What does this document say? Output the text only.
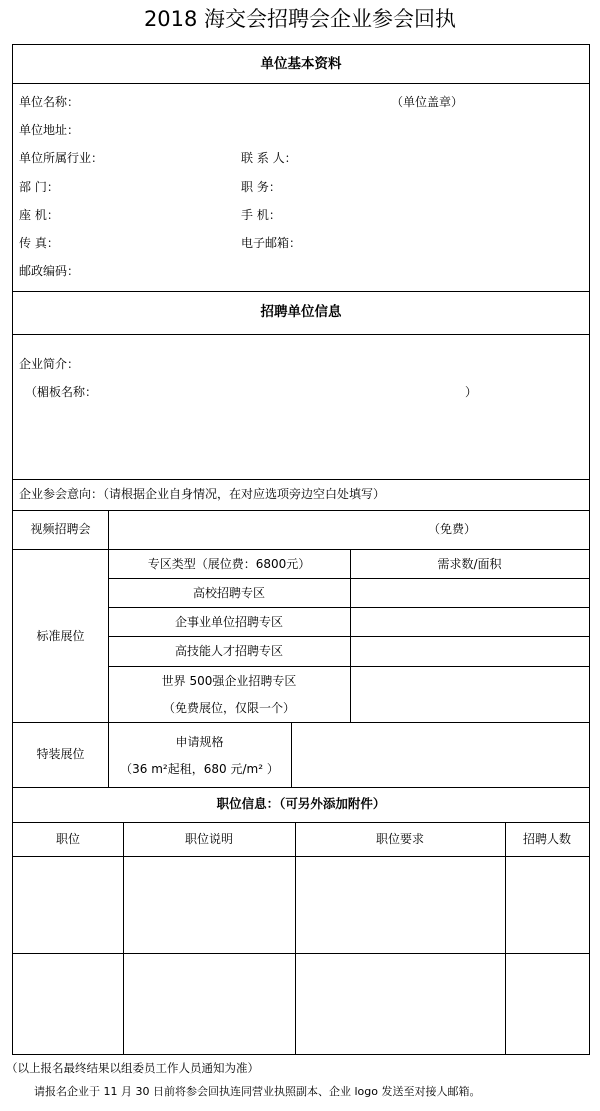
2018 海交会招聘会企业参会回执
单位基本资料
单位名称：	（单位盖章）
单位地址：
单位所属行业：	联 系 人：
部 门：	职 务：
座 机：	手 机：
传 真：	电子邮箱：
邮政编码：
招聘单位信息
企业简介：
（楣板名称：	）
企业参会意向：（请根据企业自身情况，在对应选项旁边空白处填写）
视频招聘会	（免费）
标准展位
专区类型（展位费：6800元）	需求数/面积
高校招聘专区
企事业单位招聘专区
高技能人才招聘专区
世界 500强企业招聘专区
（免费展位，仅限一个）
特装展位
申请规格
（36 m²起租，680 元/m² ）
职位信息：（可另外添加附件）
职位	职位说明	职位要求	招聘人数
（以上报名最终结果以组委员工作人员通知为准）
请报名企业于 11 月 30 日前将参会回执连同营业执照副本、企业 logo 发送至对接人邮箱。
